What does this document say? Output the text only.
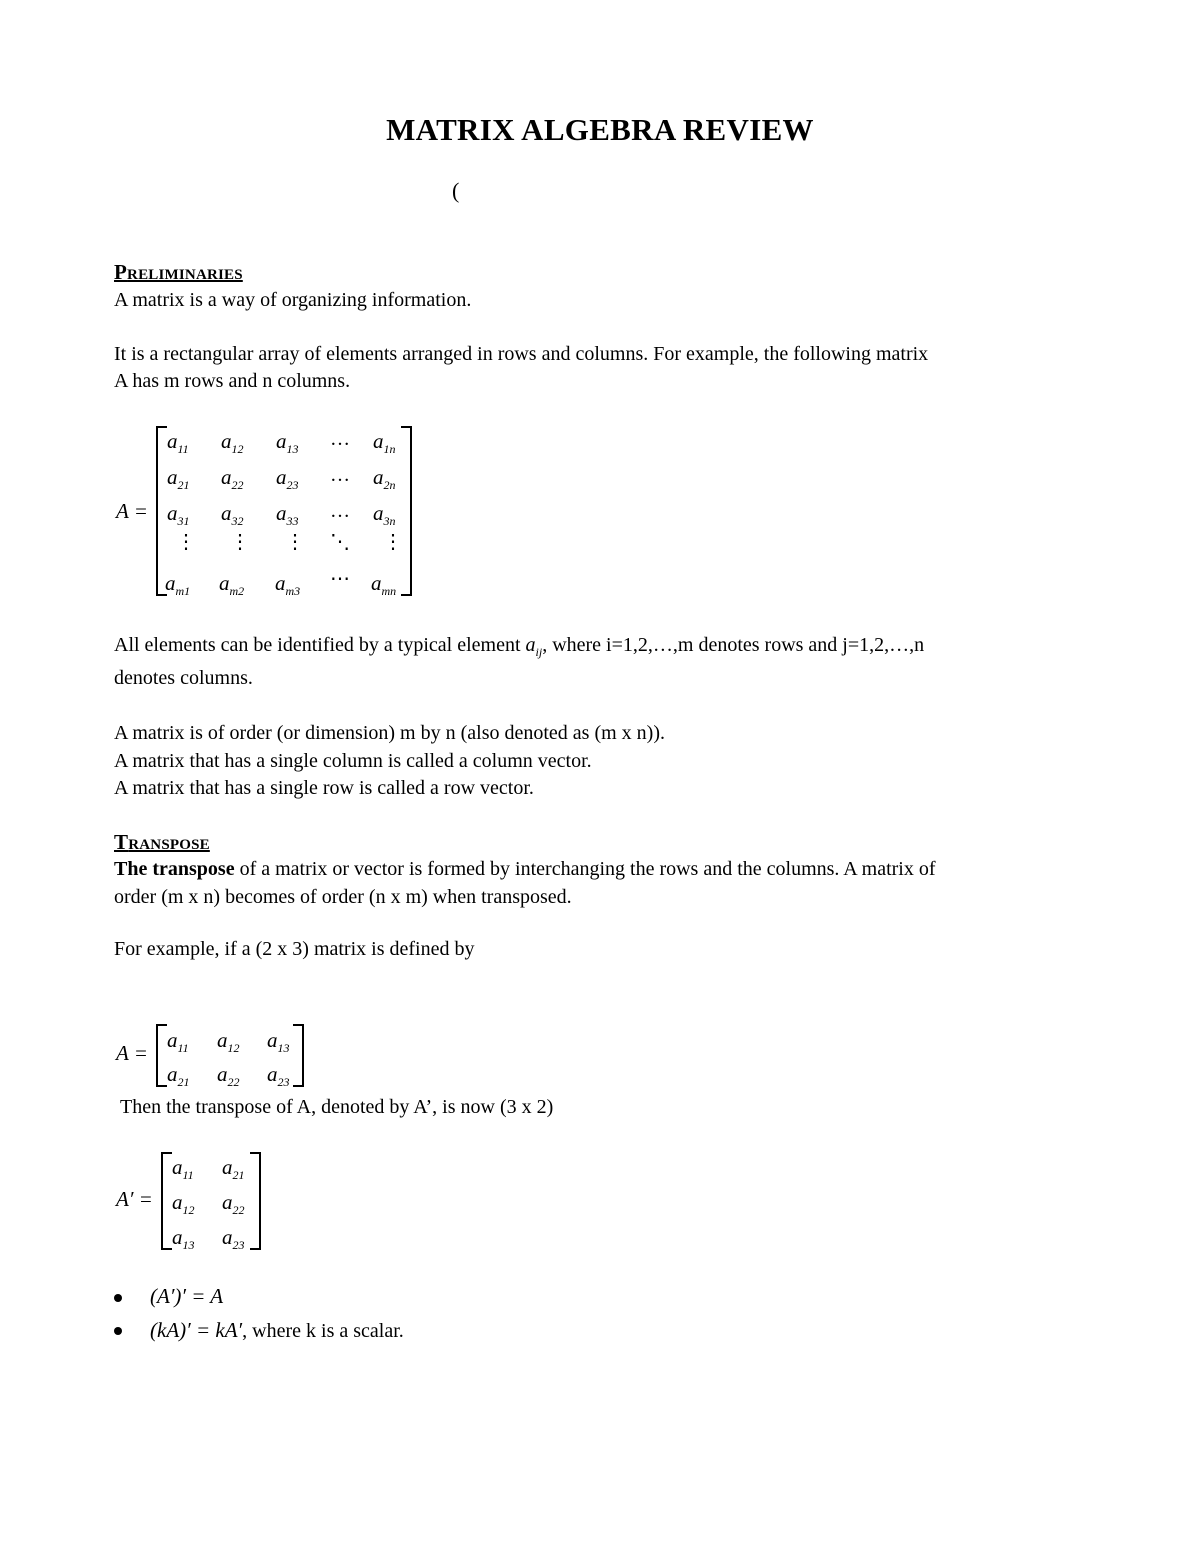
MATRIX ALGEBRA REVIEW
(
PRELIMINARIES
A matrix is a way of organizing information.
It is a rectangular array of elements arranged in rows and columns. For example, the following matrix
A has m rows and n columns.
A =
$a_{11}$ $a_{12}$ $a_{13}$ … $a_{1n}$
$a_{21}$ $a_{22}$ $a_{23}$ … $a_{2n}$
$a_{31}$ $a_{32}$ $a_{33}$ … $a_{3n}$
⋮ ⋮ ⋮ ⋱ ⋮
$a_{m1}$ $a_{m2}$ $a_{m3}$
⋯ $a_{mn}$
All elements can be identified by a typical element $a_{ij}$, where i=1,2,…,m denotes rows and j=1,2,…,n
denotes columns.
A matrix is of order (or dimension) m by n (also denoted as (m x n)).
A matrix that has a single column is called a column vector.
A matrix that has a single row is called a row vector.
TRANSPOSE
The transpose of a matrix or vector is formed by interchanging the rows and the columns. A matrix of
order (m x n) becomes of order (n x m) when transposed.
For example, if a (2 x 3) matrix is defined by
A =
$a_{11}$ $a_{12}$ $a_{13}$
$a_{21}$ $a_{22}$ $a_{23}$
Then the transpose of A, denoted by A’, is now (3 x 2)
A′ =
$a_{11}$ $a_{21}$
$a_{12}$ $a_{22}$
$a_{13}$ $a_{23}$
(A′)′ = A
(kA)′ = kA′, where k is a scalar.
